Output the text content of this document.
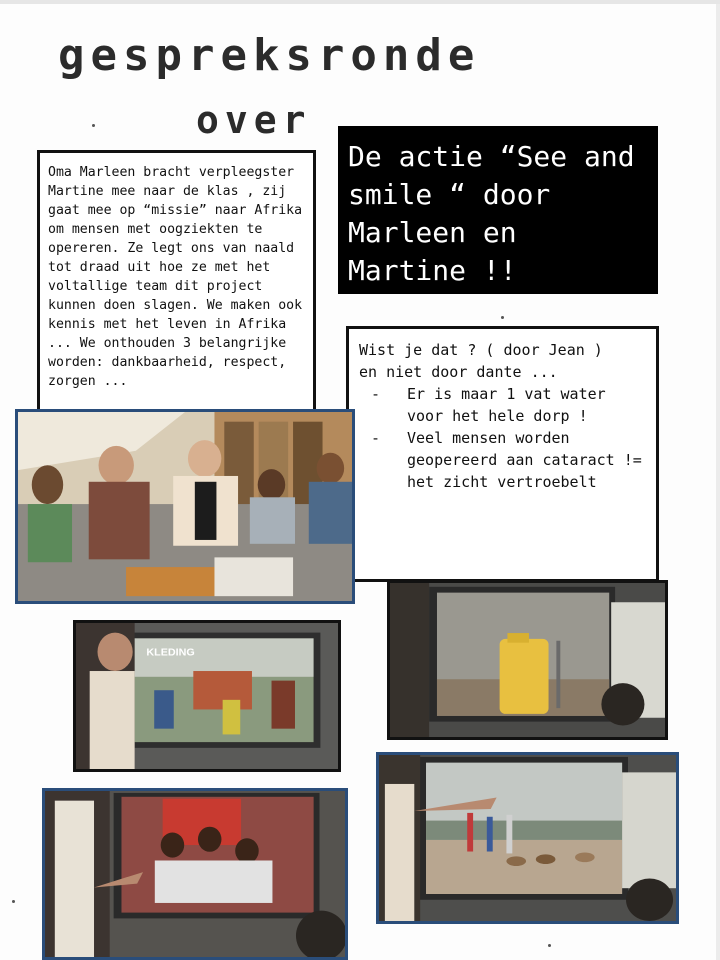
gespreksronde
over
Oma Marleen bracht verpleegster Martine mee naar de klas , zij gaat mee op “missie” naar Afrika om mensen met oogziekten te opereren. Ze legt ons van naald tot draad uit hoe ze met het voltallige team dit project kunnen doen slagen. We maken ook kennis met het leven in Afrika ... We onthouden 3 belangrijke worden: dankbaarheid, respect, zorgen ...
De actie “See and
smile “ door
Marleen en
Martine !!
Wist je dat ? ( door Jean )
en niet door dante ...
- Er is maar 1 vat water voor het hele dorp !
- Veel mensen worden geopereerd aan cataract != het zicht vertroebelt
KLEDING
